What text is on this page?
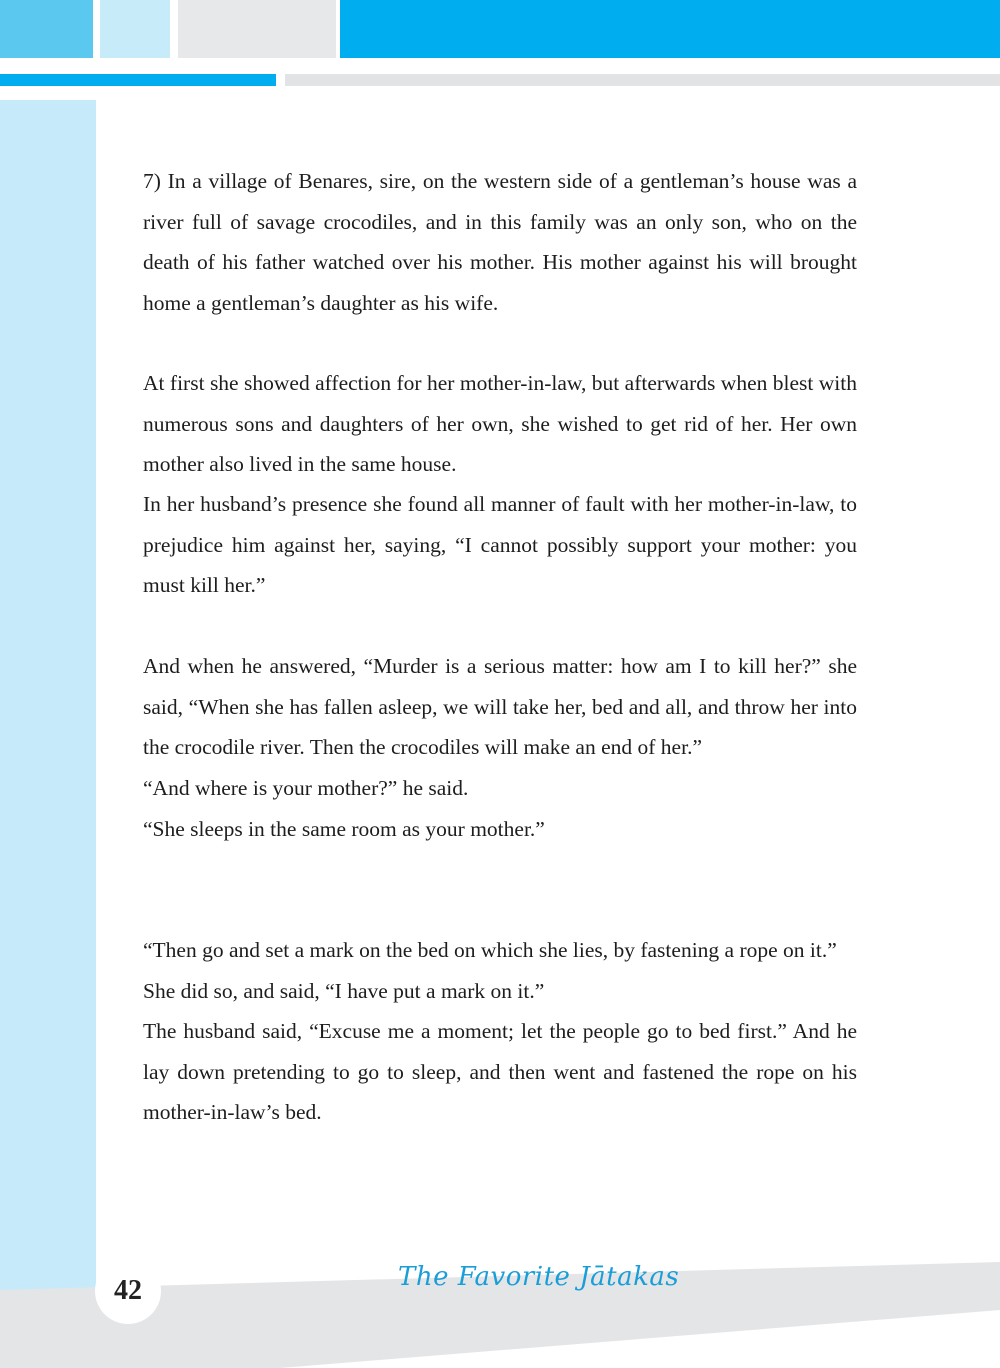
7) In a village of Benares, sire, on the western side of a gentleman’s house was a river full of savage crocodiles, and in this family was an only son, who on the death of his father watched over his mother. His mother against his will brought home a gentleman’s daughter as his wife.

At first she showed affection for her mother-in-law, but afterwards when blest with numerous sons and daughters of her own, she wished to get rid of her. Her own mother also lived in the same house.

In her husband’s presence she found all manner of fault with her mother-in-law, to prejudice him against her, saying, “I cannot possibly support your mother: you must kill her.”

And when he answered, “Murder is a serious matter: how am I to kill her?” she said, “When she has fallen asleep, we will take her, bed and all, and throw her into the crocodile river. Then the crocodiles will make an end of her.”

“And where is your mother?” he said.

“She sleeps in the same room as your mother.”

“Then go and set a mark on the bed on which she lies, by fastening a rope on it.”

She did so, and said, “I have put a mark on it.”

The husband said, “Excuse me a moment; let the people go to bed first.” And he lay down pretending to go to sleep, and then went and fastened the rope on his mother-in-law’s bed.

42	The Favorite Jātakas
